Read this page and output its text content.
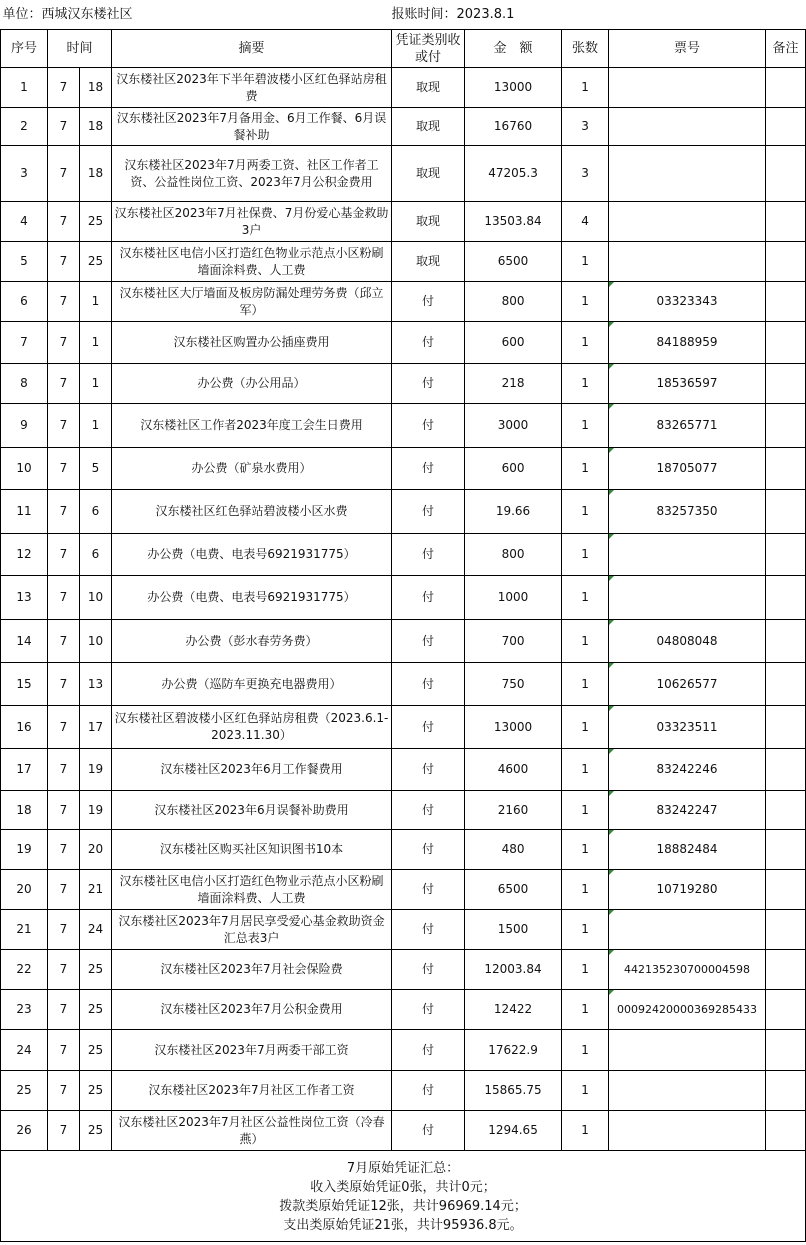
单位：西城汉东楼社区				报账时间：2023.8.1				
序号	时间		摘要	凭证类别收或付	金　额	张数	票号	备注
1	7	18	汉东楼社区2023年下半年碧波楼小区红色驿站房租费	取现	13000	1		
2	7	18	汉东楼社区2023年7月备用金、6月工作餐、6月误餐补助	取现	16760	3		
3	7	18	汉东楼社区2023年7月两委工资、社区工作者工资、公益性岗位工资、2023年7月公积金费用	取现	47205.3	3		
4	7	25	汉东楼社区2023年7月社保费、7月份爱心基金救助3户	取现	13503.84	4		
5	7	25	汉东楼社区电信小区打造红色物业示范点小区粉刷墙面涂料费、人工费	取现	6500	1		
6	7	1	汉东楼社区大厅墙面及板房防漏处理劳务费（邱立军）	付	800	1	03323343	
7	7	1	汉东楼社区购置办公插座费用	付	600	1	84188959	
8	7	1	办公费（办公用品）	付	218	1	18536597	
9	7	1	汉东楼社区工作者2023年度工会生日费用	付	3000	1	83265771	
10	7	5	办公费（矿泉水费用）	付	600	1	18705077	
11	7	6	汉东楼社区红色驿站碧波楼小区水费	付	19.66	1	83257350	
12	7	6	办公费（电费、电表号6921931775）	付	800	1		
13	7	10	办公费（电费、电表号6921931775）	付	1000	1		
14	7	10	办公费（彭水春劳务费）	付	700	1	04808048	
15	7	13	办公费（巡防车更换充电器费用）	付	750	1	10626577	
16	7	17	汉东楼社区碧波楼小区红色驿站房租费（2023.6.1-2023.11.30）	付	13000	1	03323511	
17	7	19	汉东楼社区2023年6月工作餐费用	付	4600	1	83242246	
18	7	19	汉东楼社区2023年6月误餐补助费用	付	2160	1	83242247	
19	7	20	汉东楼社区购买社区知识图书10本	付	480	1	18882484	
20	7	21	汉东楼社区电信小区打造红色物业示范点小区粉刷墙面涂料费、人工费	付	6500	1	10719280	
21	7	24	汉东楼社区2023年7月居民享受爱心基金救助资金汇总表3户	付	1500	1		
22	7	25	汉东楼社区2023年7月社会保险费	付	12003.84	1	442135230700004598	
23	7	25	汉东楼社区2023年7月公积金费用	付	12422	1	00092420000369285433	
24	7	25	汉东楼社区2023年7月两委干部工资	付	17622.9	1		
25	7	25	汉东楼社区2023年7月社区工作者工资	付	15865.75	1		
26	7	25	汉东楼社区2023年7月社区公益性岗位工资（冷春燕）	付	1294.65	1		

7月原始凭证汇总：
收入类原始凭证0张，共计0元；
拨款类原始凭证12张，共计96969.14元；
支出类原始凭证21张，共计95936.8元。								
